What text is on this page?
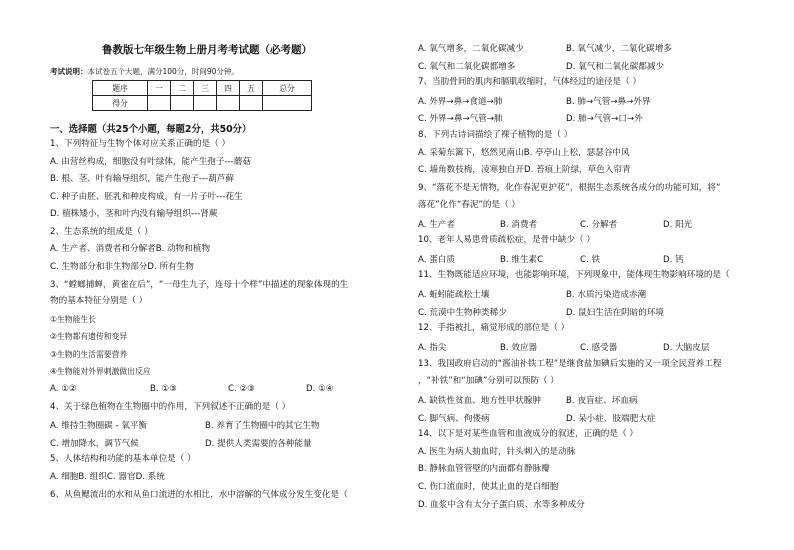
鲁教版七年级生物上册月考考试题（必考题）
考试说明：本试卷五个大题，满分100分，时间90分钟。
题序	一	二	三	四	五	总分
得分						
一、选择题（共25个小题，每题2分，共50分）
1、下列特征与生物个体对应关系正确的是（ ）
A. 由营丝构成，细胞没有叶绿体，能产生孢子---蘑菇
B. 根、茎、叶有输导组织，能产生孢子---葫芦藓
C. 种子由胚、胚乳和种皮构成，有一片子叶---花生
D. 植株矮小，茎和叶内没有输导组织---肾蕨
2、生态系统的组成是（ ）
A. 生产者、消费者和分解者B. 动物和植物
C. 生物部分和非生物部分D. 所有生物
3、“螳螂捕蝉，黄雀在后”，“一母生九子，连母十个样”中描述的现象体现的生
物的基本特征分别是（ ）
①生物能生长
②生物都有遗传和变异
③生物的生活需要营养
④生物能对外界刺激做出反应
A. ①②	B. ①③	C. ②③	D. ①④
4、关于绿色植物在生物圈中的作用，下列叙述不正确的是（ ）
A. 维持生物圈碳 - 氧平衡	B. 养育了生物圈中的其它生物
C. 增加降水，调节气候	D. 提供人类需要的各种能量
5、人体结构和功能的基本单位是（ ）
A. 细胞B. 组织C. 器官D. 系统
6、从鱼鳃流出的水和从鱼口流进的水相比，水中溶解的气体成分发生变化是（
A. 氧气增多，二氧化碳减少	B. 氧气减少，二氧化碳增多
C. 氧气和二氧化碳都增多	D. 氧气和二氧化碳都减少
7、当肋骨间的肌肉和膈肌收缩时，气体经过的途径是（ ）
A. 外界→鼻→食道→肺	B. 肺→气管→鼻→外界
C. 外界→鼻→气管→肺	D. 肺→气管→口→外
8、下列古诗词描绘了裸子植物的是（ ）
A. 采菊东篱下，悠然见南山B. 亭亭山上松，瑟瑟谷中风
C. 墙角数枝梅，凌寒独自开D. 苔痕上阶绿，草色入帘青
9、“落花不是无情物，化作春泥更护花”，根据生态系统各成分的功能可知，将“
落花”化作“春泥”的是（ ）
A. 生产者	B. 消费者	C. 分解者	D. 阳光
10、老年人易患骨质疏松症，是骨中缺少（ ）
A. 蛋白质	B. 维生素C	C. 铁	D. 钙
11、生物既能适应环境，也能影响环境，下列现象中，能体现生物影响环境的是（
A. 蚯蚓能疏松土壤	B. 水质污染造成赤潮
C. 荒漠中生物种类稀少	D. 鼠妇生活在阴暗的环境
12、手指被扎，痛觉形成的部位是（ ）
A. 指尖	B. 效应器	C. 感受器	D. 大脑皮层
13、我国政府启动的“酱油补铁工程”是继食盐加碘后实施的又一项全民营养工程
，“补铁”和“加碘”分别可以预防（ ）
A. 缺铁性贫血、地方性甲状腺肿	B. 夜盲症、坏血病
C. 脚气病、佝偻病	D. 呆小症、肢端肥大症
14、以下是对某些血管和血液成分的叙述，正确的是（ ）
A. 医生为病人抽血时，针头刺入的是动脉
B. 静脉血管管壁的内面都有静脉瓣
C. 伤口流血时，使其止血的是白细胞
D. 血浆中含有大分子蛋白质、水等多种成分
